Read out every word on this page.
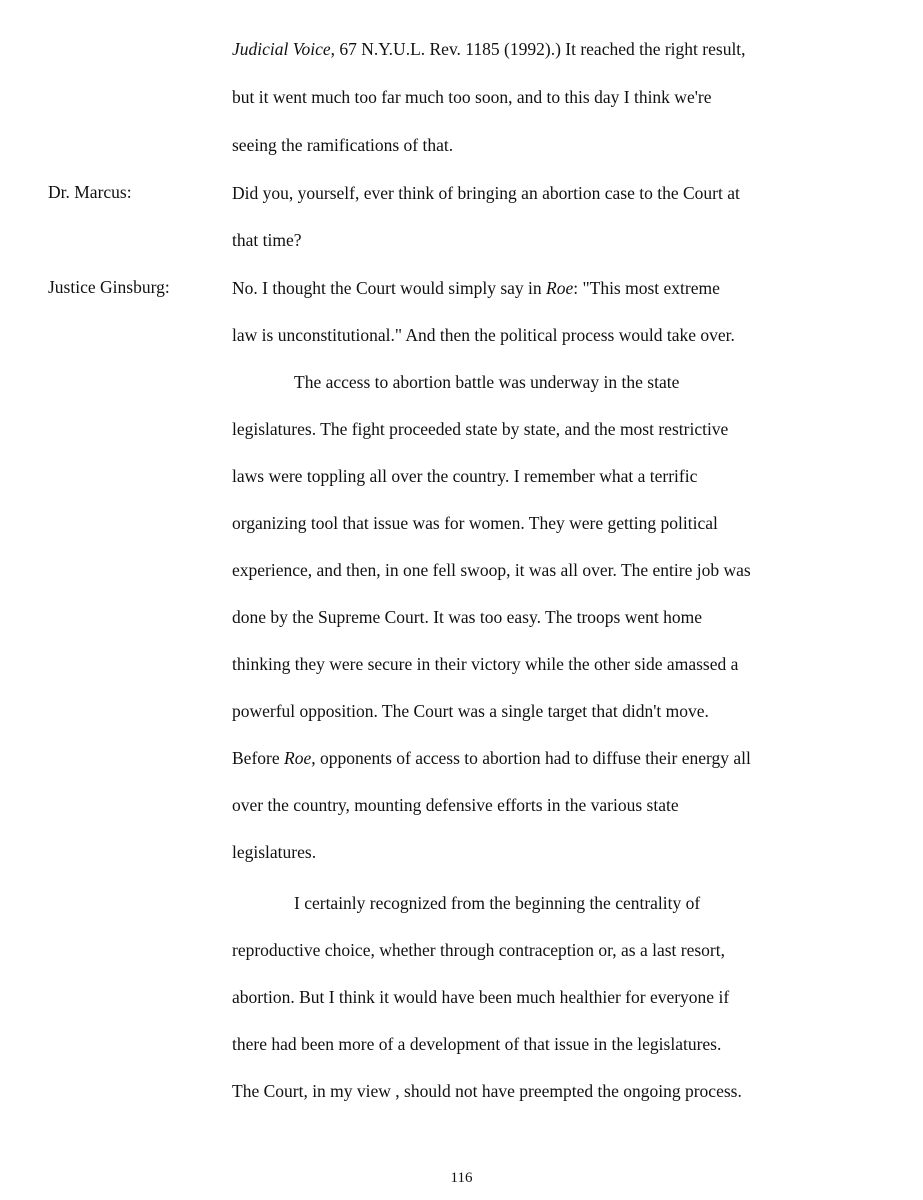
Judicial Voice, 67 N.Y.U.L. Rev. 1185 (1992).) It reached the right result,
but it went much too far much too soon, and to this day I think we're
seeing the ramifications of that.
Dr. Marcus:	Did you, yourself, ever think of bringing an abortion case to the Court at
that time?
Justice Ginsburg:	No. I thought the Court would simply say in Roe: "This most extreme
law is unconstitutional." And then the political process would take over.
The access to abortion battle was underway in the state
legislatures. The fight proceeded state by state, and the most restrictive
laws were toppling all over the country. I remember what a terrific
organizing tool that issue was for women. They were getting political
experience, and then, in one fell swoop, it was all over. The entire job was
done by the Supreme Court. It was too easy. The troops went home
thinking they were secure in their victory while the other side amassed a
powerful opposition. The Court was a single target that didn't move.
Before Roe, opponents of access to abortion had to diffuse their energy all
over the country, mounting defensive efforts in the various state
legislatures.
I certainly recognized from the beginning the centrality of
reproductive choice, whether through contraception or, as a last resort,
abortion. But I think it would have been much healthier for everyone if
there had been more of a development of that issue in the legislatures.
The Court, in my view , should not have preempted the ongoing process.
116
